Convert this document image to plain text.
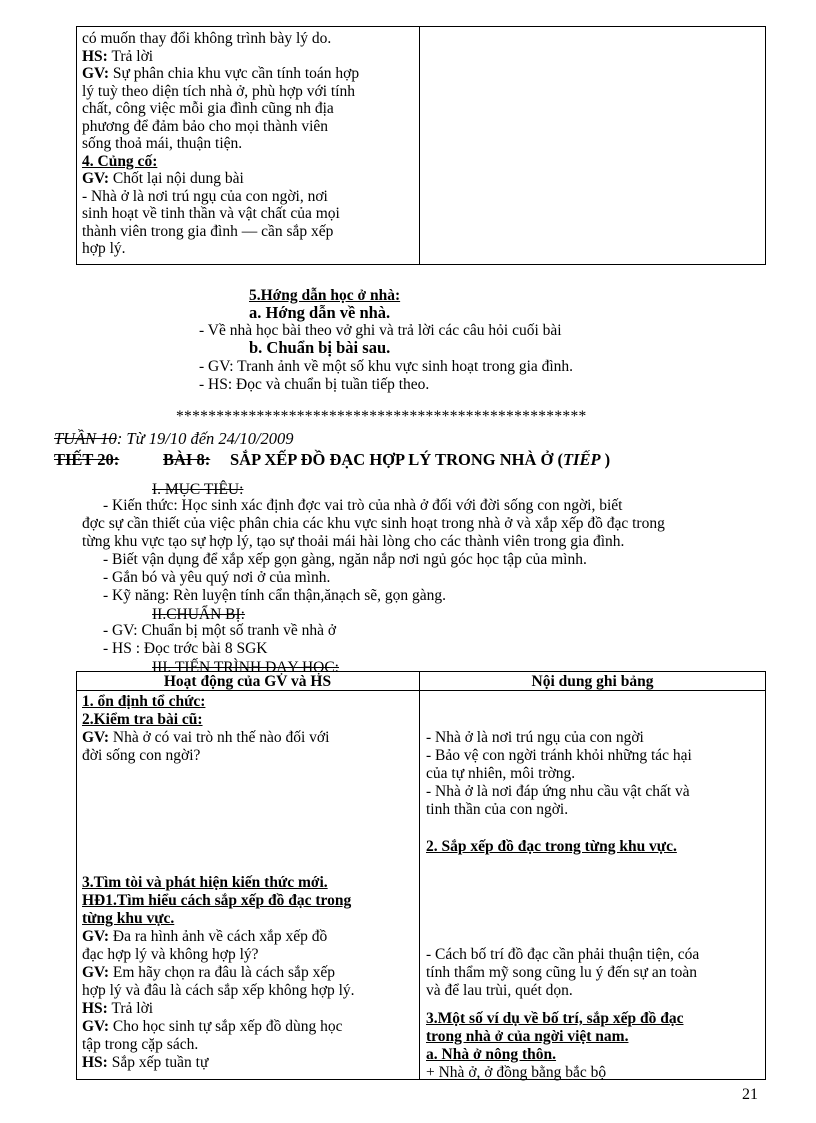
có muốn thay đổi không trình bày lý do.

HS: Trả lời

GV: Sự phân chia khu vực cần tính toán hợp

lý tuỳ theo diện tích nhà ở, phù hợp với tính

chất, công việc mỗi gia đình cũng nh địa

phương để đảm bảo cho mọi thành viên

sống thoả mái, thuận tiện.

4. Củng cố:

GV: Chốt lại nội dung bài

- Nhà ở là nơi trú ngụ của con ngời, nơi

sinh hoạt về tinh thần và vật chất của mọi

thành viên trong gia đình — cần sắp xếp

hợp lý.

5.Hớng dẫn học ở nhà:
a. Hớng dẫn về nhà.
- Về nhà học bài theo vở ghi và trả lời các câu hỏi cuối bài
b. Chuẩn bị bài sau.
- GV: Tranh ảnh về một số khu vực sinh hoạt trong gia đình.
- HS: Đọc và chuẩn bị tuần tiếp theo.
***************************************************
TUẦN 10: Từ 19/10 đến 24/10/2009
TIẾT 20:	BÀI 8: SẮP XẾP ĐỒ ĐẠC HỢP LÝ TRONG NHÀ Ở (TIẾP )
I. MỤC TIÊU:
- Kiến thức: Học sinh xác định đợc vai trò của nhà ở đối với đời sống con ngời, biết
đợc sự cần thiết của việc phân chia các khu vực sinh hoạt trong nhà ở và xắp xếp đồ đạc trong
từng khu vực tạo sự hợp lý, tạo sự thoải mái hài lòng cho các thành viên trong gia đình.
- Biết vận dụng để xắp xếp gọn gàng, ngăn nắp nơi ngủ góc học tập của mình.
- Gắn bó và yêu quý nơi ở của mình.
- Kỹ năng: Rèn luyện tính cẩn thận,ănạch sẽ, gọn gàng.
II.CHUẨN BỊ:
- GV: Chuẩn bị một số tranh về nhà ở
- HS : Đọc trớc bài 8 SGK
III. TIẾN TRÌNH DẠY HỌC:
Hoạt động của GV và HS	Nội dung ghi bảng
1. ổn định tổ chức:
2.Kiểm tra bài cũ:
GV: Nhà ở có vai trò nh thế nào đối với
đời sống con ngời?
3.Tìm tòi và phát hiện kiến thức mới.
HĐ1.Tìm hiểu cách sắp xếp đồ đạc trong
từng khu vực.
GV: Đa ra hình ảnh về cách xắp xếp đồ
đạc hợp lý và không hợp lý?
GV: Em hãy chọn ra đâu là cách sắp xếp
hợp lý và đâu là cách sắp xếp không hợp lý.
HS: Trả lời
GV: Cho học sinh tự sắp xếp đồ dùng học
tập trong cặp sách.
HS: Sắp xếp tuần tự
- Nhà ở là nơi trú ngụ của con ngời
- Bảo vệ con ngời tránh khỏi những tác hại
của tự nhiên, môi trờng.
- Nhà ở là nơi đáp ứng nhu cầu vật chất và
tinh thần của con ngời.
2. Sắp xếp đồ đạc trong từng khu vực.
- Cách bố trí đồ đạc cần phải thuận tiện, cóa
tính thẩm mỹ song cũng lu ý đến sự an toàn
và để lau trùi, quét dọn.
3.Một số ví dụ về bố trí, sắp xếp đồ đạc
trong nhà ở của ngời việt nam.
a. Nhà ở nông thôn.
+ Nhà ở, ở đồng bằng bắc bộ
21
